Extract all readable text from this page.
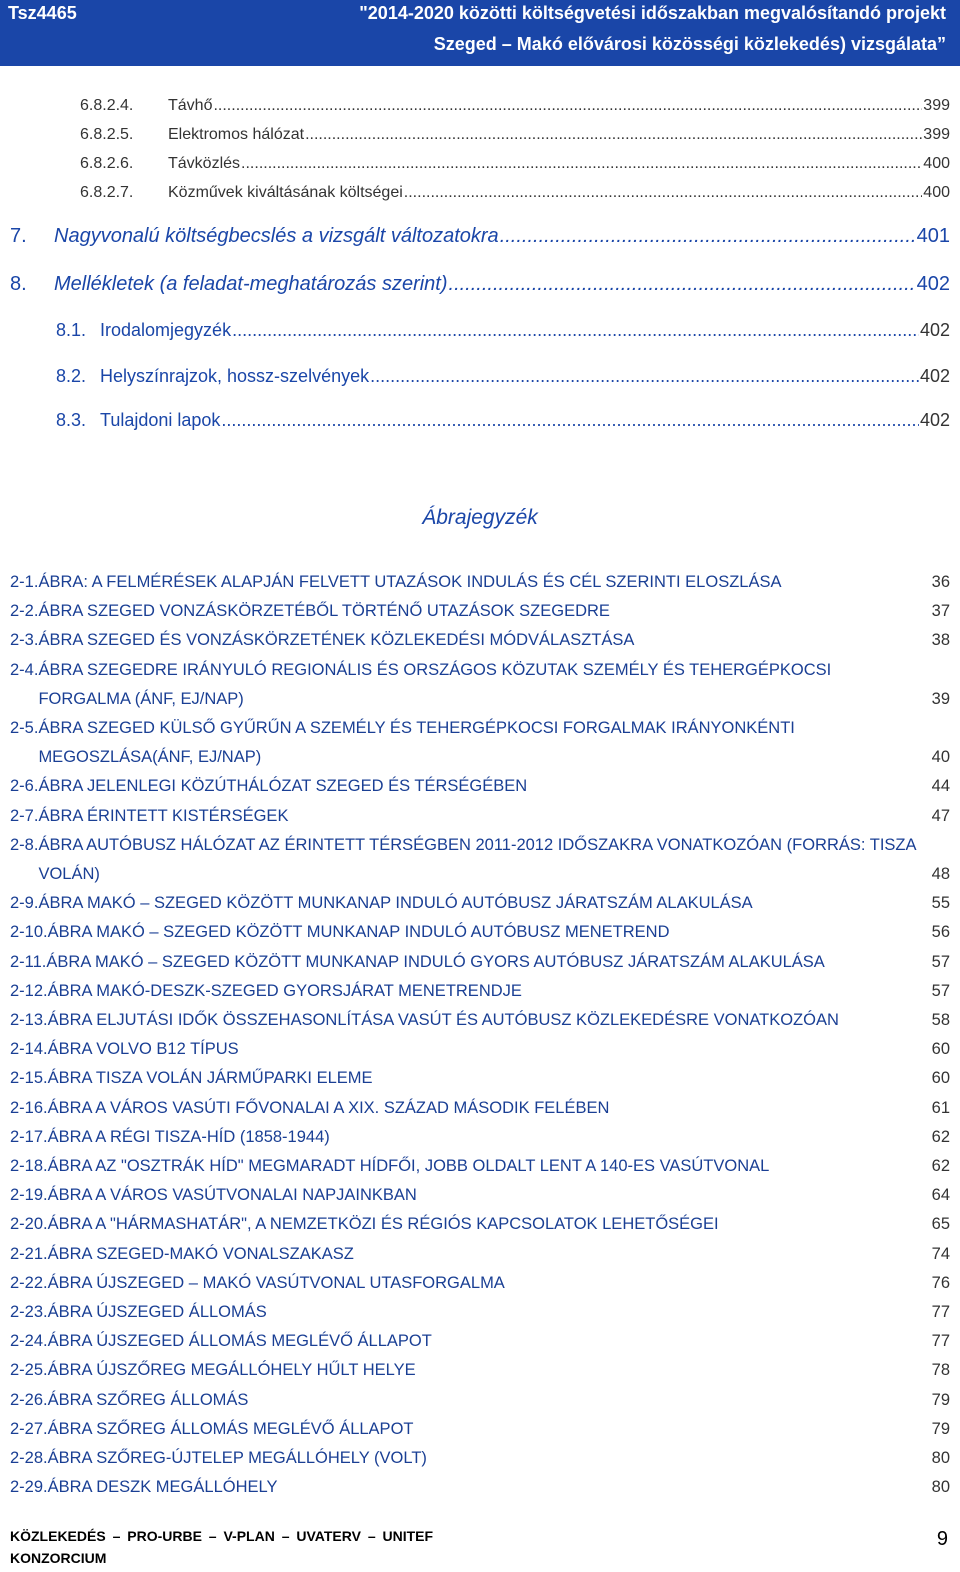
Tsz4465	"2014-2020 közötti költségvetési időszakban megvalósítandó projekt
Szeged – Makó elővárosi közösségi közlekedés) vizsgálata”
6.8.2.4.	Távhő .....	399
6.8.2.5.	Elektromos hálózat .....	399
6.8.2.6.	Távközlés .....	400
6.8.2.7.	Közművek kiváltásának költségei .....	400
7.	Nagyvonalú költségbecslés a vizsgált változatokra .....	401
8.	Mellékletek (a feladat-meghatározás szerint) .....	402
8.1. Irodalomjegyzék .....	402
8.2. Helyszínrajzok, hossz-szelvények .....	402
8.3. Tulajdoni lapok .....	402
Ábrajegyzék
2-1. ÁBRA: A FELMÉRÉSEK ALAPJÁN FELVETT UTAZÁSOK INDULÁS ÉS CÉL SZERINTI ELOSZLÁSA	36
2-2. ÁBRA SZEGED VONZÁSKÖRZETÉBŐL TÖRTÉNŐ UTAZÁSOK SZEGEDRE	37
2-3. ÁBRA SZEGED ÉS VONZÁSKÖRZETÉNEK KÖZLEKEDÉSI MÓDVÁLASZTÁSA	38
2-4. ÁBRA SZEGEDRE IRÁNYULÓ REGIONÁLIS ÉS ORSZÁGOS KÖZUTAK SZEMÉLY ÉS TEHERGÉPKOCSI FORGALMA (ÁNF, EJ/NAP)	39
2-5. ÁBRA SZEGED KÜLSŐ GYŰRŰN A SZEMÉLY ÉS TEHERGÉPKOCSI FORGALMAK IRÁNYONKÉNTI MEGOSZLÁSA(ÁNF, EJ/NAP)	40
2-6. ÁBRA JELENLEGI KÖZÚTHÁLÓZAT SZEGED ÉS TÉRSÉGÉBEN	44
2-7. ÁBRA ÉRINTETT KISTÉRSÉGEK	47
2-8. ÁBRA AUTÓBUSZ HÁLÓZAT AZ ÉRINTETT TÉRSÉGBEN 2011-2012 IDŐSZAKRA VONATKOZÓAN (FORRÁS: TISZA VOLÁN)	48
2-9. ÁBRA MAKÓ – SZEGED KÖZÖTT MUNKANAP INDULÓ AUTÓBUSZ JÁRATSZÁM ALAKULÁSA	55
2-10. ÁBRA MAKÓ – SZEGED KÖZÖTT MUNKANAP INDULÓ AUTÓBUSZ MENETREND	56
2-11. ÁBRA MAKÓ – SZEGED KÖZÖTT MUNKANAP INDULÓ GYORS AUTÓBUSZ JÁRATSZÁM ALAKULÁSA	57
2-12. ÁBRA MAKÓ-DESZK-SZEGED GYORSJÁRAT MENETRENDJE	57
2-13. ÁBRA ELJUTÁSI IDŐK ÖSSZEHASONLÍTÁSA VASÚT ÉS AUTÓBUSZ KÖZLEKEDÉSRE VONATKOZÓAN	58
2-14. ÁBRA VOLVO B12 TÍPUS	60
2-15. ÁBRA TISZA VOLÁN JÁRMŰPARKI ELEME	60
2-16. ÁBRA A VÁROS VASÚTI FŐVONALAI A XIX. SZÁZAD MÁSODIK FELÉBEN	61
2-17. ÁBRA A RÉGI TISZA-HÍD (1858-1944)	62
2-18. ÁBRA AZ "OSZTRÁK HÍD" MEGMARADT HÍDFŐI, JOBB OLDALT LENT A 140-ES VASÚTVONAL	62
2-19. ÁBRA A VÁROS VASÚTVONALAI NAPJAINKBAN	64
2-20. ÁBRA A "HÁRMASHATÁR", A NEMZETKÖZI ÉS RÉGIÓS KAPCSOLATOK LEHETŐSÉGEI	65
2-21. ÁBRA SZEGED-MAKÓ VONALSZAKASZ	74
2-22. ÁBRA ÚJSZEGED – MAKÓ VASÚTVONAL UTASFORGALMA	76
2-23. ÁBRA ÚJSZEGED ÁLLOMÁS	77
2-24. ÁBRA ÚJSZEGED ÁLLOMÁS MEGLÉVŐ ÁLLAPOT	77
2-25. ÁBRA ÚJSZŐREG MEGÁLLÓHELY HŰLT HELYE	78
2-26. ÁBRA SZŐREG ÁLLOMÁS	79
2-27. ÁBRA SZŐREG ÁLLOMÁS MEGLÉVŐ ÁLLAPOT	79
2-28. ÁBRA SZŐREG-ÚJTELEP MEGÁLLÓHELY (VOLT)	80
2-29. ÁBRA DESZK MEGÁLLÓHELY	80
KÖZLEKEDÉS – PRO-URBE – V-PLAN – UVATERV – UNITEF KONZORCIUM
9
